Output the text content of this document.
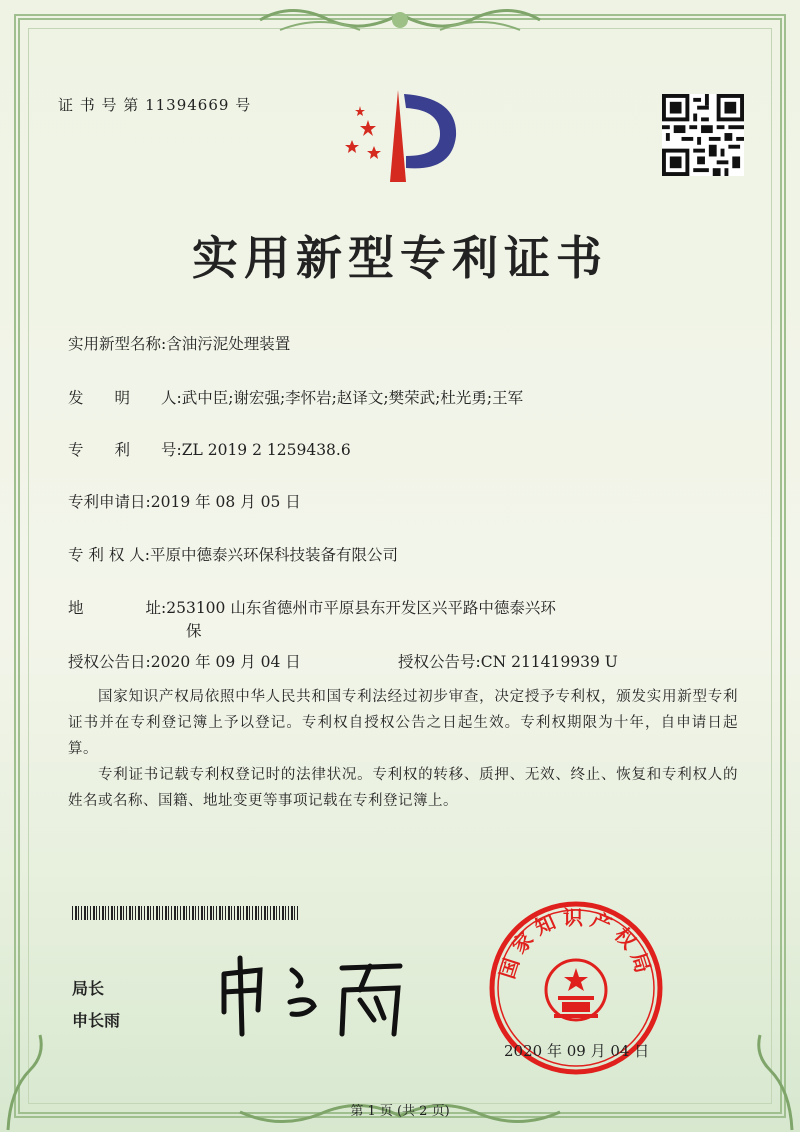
证 书 号 第 11394669 号
实用新型专利证书
实用新型名称:含油污泥处理装置
发　　明　　人:武中臣;谢宏强;李怀岩;赵译文;樊荣武;杜光勇;王军
专　　利　　号:ZL 2019 2 1259438.6
专利申请日:2019 年 08 月 05 日
专 利 权 人:平原中德泰兴环保科技装备有限公司
地　　　　址:253100 山东省德州市平原县东开发区兴平路中德泰兴环
保
授权公告日:2020 年 09 月 04 日	授权公告号:CN 211419939 U
国家知识产权局依照中华人民共和国专利法经过初步审查，决定授予专利权，颁发实用新型专利证书并在专利登记簿上予以登记。专利权自授权公告之日起生效。专利权期限为十年，自申请日起算。
专利证书记载专利权登记时的法律状况。专利权的转移、质押、无效、终止、恢复和专利权人的姓名或名称、国籍、地址变更等事项记载在专利登记簿上。
局长
申长雨
国家知识产权局
2020 年 09 月 04 日
第 1 页 (共 2 页)
